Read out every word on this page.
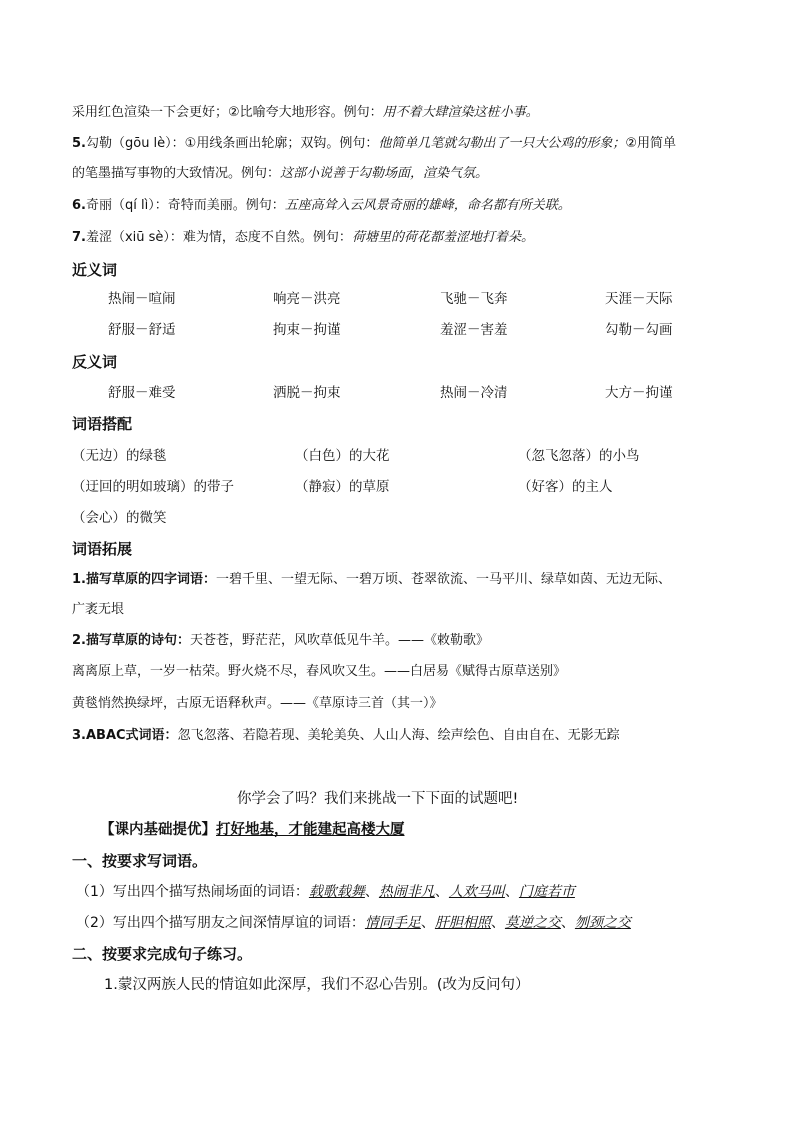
采用红色渲染一下会更好；②比喻夸大地形容。例句：用不着大肆渲染这桩小事。
5.勾勒（gōu lè）：①用线条画出轮廓；双钩。例句：他简单几笔就勾勒出了一只大公鸡的形象；②用简单
的笔墨描写事物的大致情况。例句：这部小说善于勾勒场面，渲染气氛。
6.奇丽（qí lì）：奇特而美丽。例句：五座高耸入云风景奇丽的雄峰，命名都有所关联。
7.羞涩（xiū sè）：难为情，态度不自然。例句：荷塘里的荷花都羞涩地打着朵。
近义词
热闹－喧闹	响亮－洪亮	飞驰－飞奔	天涯－天际
舒服－舒适	拘束－拘谨	羞涩－害羞	勾勒－勾画
反义词
舒服－难受	洒脱－拘束	热闹－冷清	大方－拘谨
词语搭配
（无边）的绿毯	（白色）的大花	（忽飞忽落）的小鸟
（迂回的明如玻璃）的带子	（静寂）的草原	（好客）的主人
（会心）的微笑
词语拓展
1.描写草原的四字词语：一碧千里、一望无际、一碧万顷、苍翠欲流、一马平川、绿草如茵、无边无际、
广袤无垠
2.描写草原的诗句：天苍苍，野茫茫，风吹草低见牛羊。——《敕勒歌》
离离原上草，一岁一枯荣。野火烧不尽，春风吹又生。——白居易《赋得古原草送别》
黄毯悄然换绿坪，古原无语释秋声。——《草原诗三首（其一）》
3.ABAC式词语：忽飞忽落、若隐若现、美轮美奂、人山人海、绘声绘色、自由自在、无影无踪
你学会了吗？我们来挑战一下下面的试题吧!
【课内基础提优】打好地基，才能建起高楼大厦
一、按要求写词语。
（1）写出四个描写热闹场面的词语：载歌载舞、热闹非凡、人欢马叫、门庭若市
（2）写出四个描写朋友之间深情厚谊的词语：情同手足、肝胆相照、莫逆之交、刎颈之交
二、按要求完成句子练习。
1.蒙汉两族人民的情谊如此深厚，我们不忍心告别。(改为反问句）
